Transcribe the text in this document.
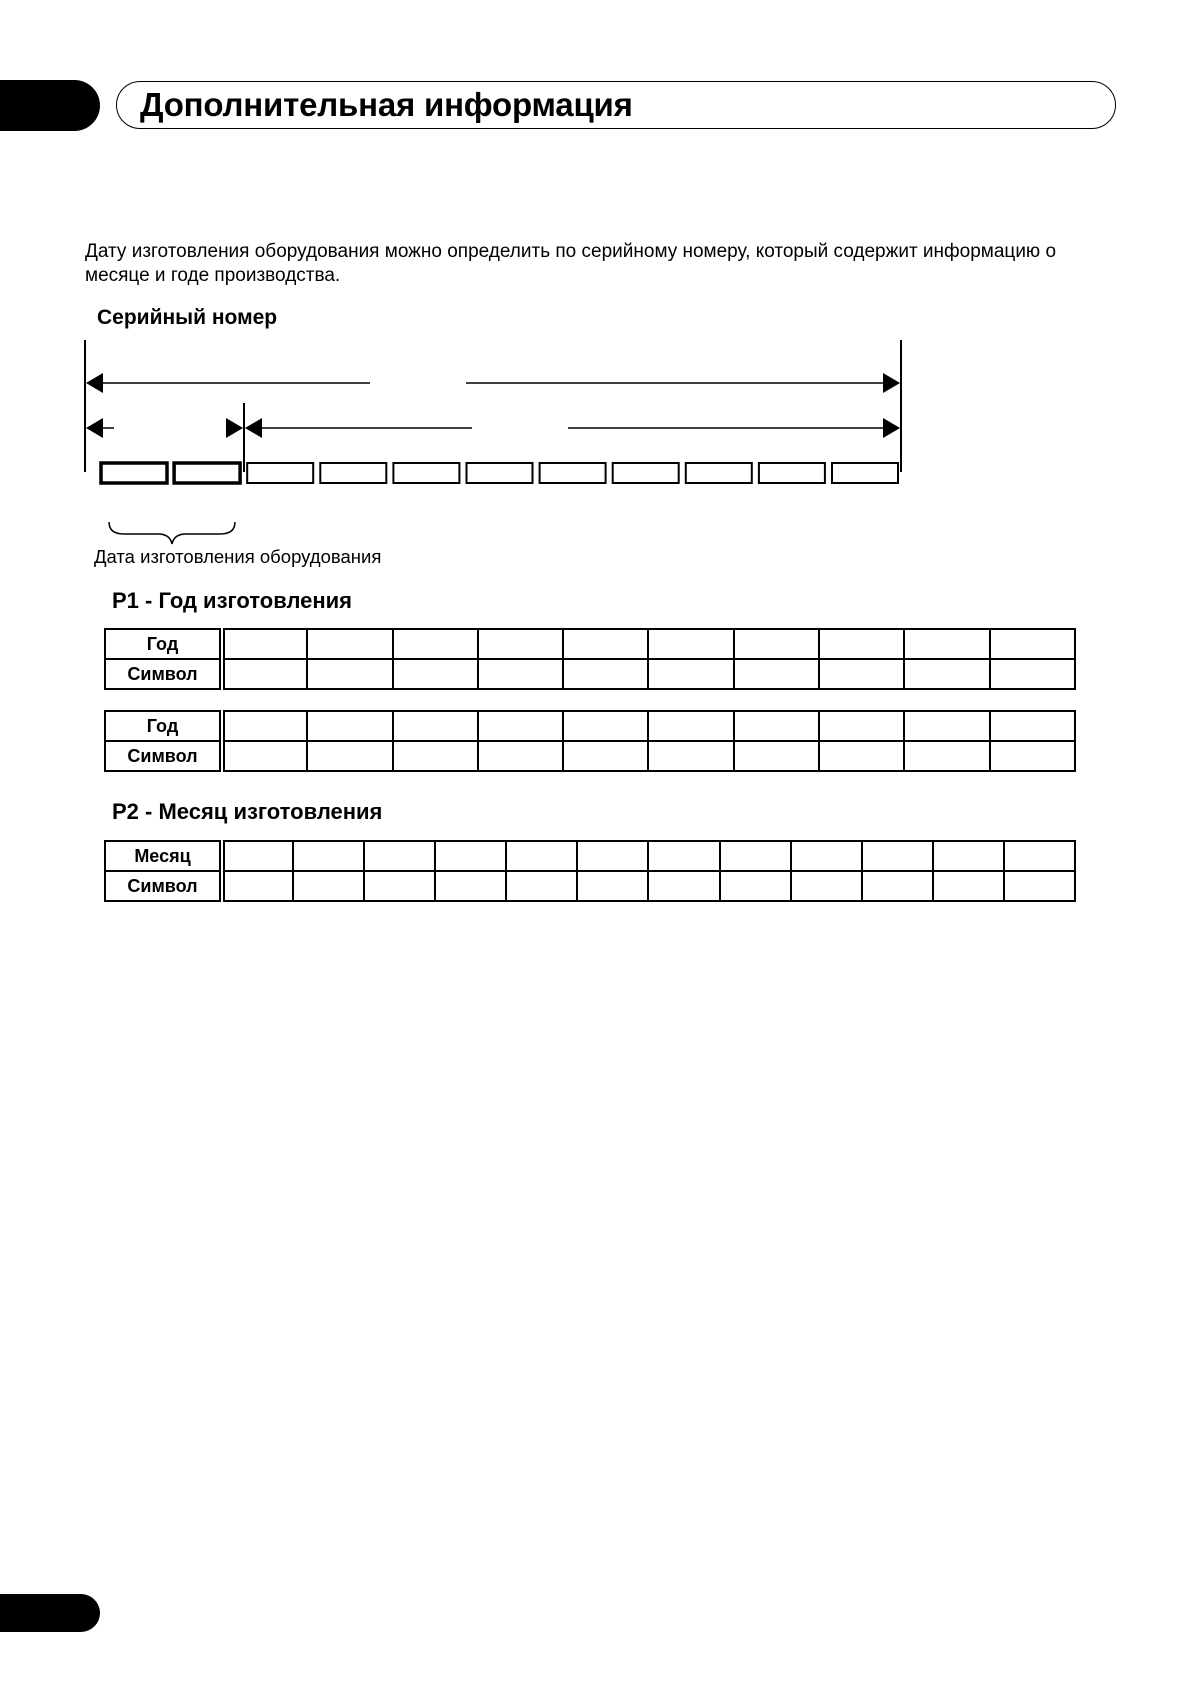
Дополнительная информация
Дату изготовления оборудования можно определить по серийному номеру, который содержит информацию о месяце и годе производства.
Серийный номер
Дата изготовления оборудования
P1 - Год изготовления
Год										
Символ										
Год										
Символ										
P2 - Месяц изготовления
Месяц												
Символ												
